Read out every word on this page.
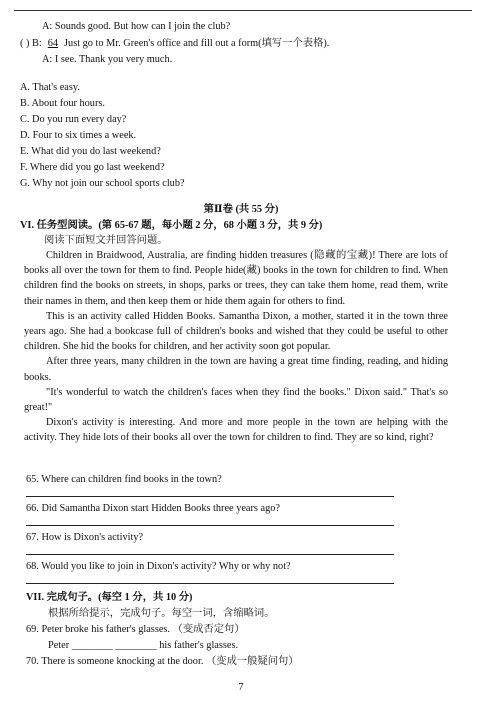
A: Sounds good. But how can I join the club?
( ) B: 64 Just go to Mr. Green's office and fill out a form(填写一个表格).
A: I see. Thank you very much.
A. That's easy.
B. About four hours.
C. Do you run every day?
D. Four to six times a week.
E. What did you do last weekend?
F. Where did you go last weekend?
G. Why not join our school sports club?
第Ⅱ卷 (共 55 分)
VI. 任务型阅读。(第 65-67 题，每小题 2 分，68 小题 3 分，共 9 分)
阅读下面短文并回答问题。

Children in Braidwood, Australia, are finding hidden treasures (隐藏的宝藏)! There are lots of books all over the town for them to find. People hide(藏) books in the town for children to find. When children find the books on streets, in shops, parks or trees, they can take them home, read them, write their names in them, and then keep them or hide them again for others to find.

This is an activity called Hidden Books. Samantha Dixon, a mother, started it in the town three years ago. She had a bookcase full of children's books and wished that they could be useful to other children. She hid the books for children, and her activity soon got popular.

After three years, many children in the town are having a great time finding, reading, and hiding books.

"It's wonderful to watch the children's faces when they find the books." Dixon said." That's so great!"

Dixon's activity is interesting. And more and more people in the town are helping with the activity. They hide lots of their books all over the town for children to find. They are so kind, right?

65. Where can children find books in the town?
66. Did Samantha Dixon start Hidden Books three years ago?
67. How is Dixon's activity?
68. Would you like to join in Dixon's activity? Why or why not?
VII. 完成句子。(每空 1 分，共 10 分)
根据所给提示，完成句子。每空一词，含缩略词。
69. Peter broke his father's glasses. （变成否定句）
Peter ________ ________ his father's glasses.
70. There is someone knocking at the door. （变成一般疑问句）
7
